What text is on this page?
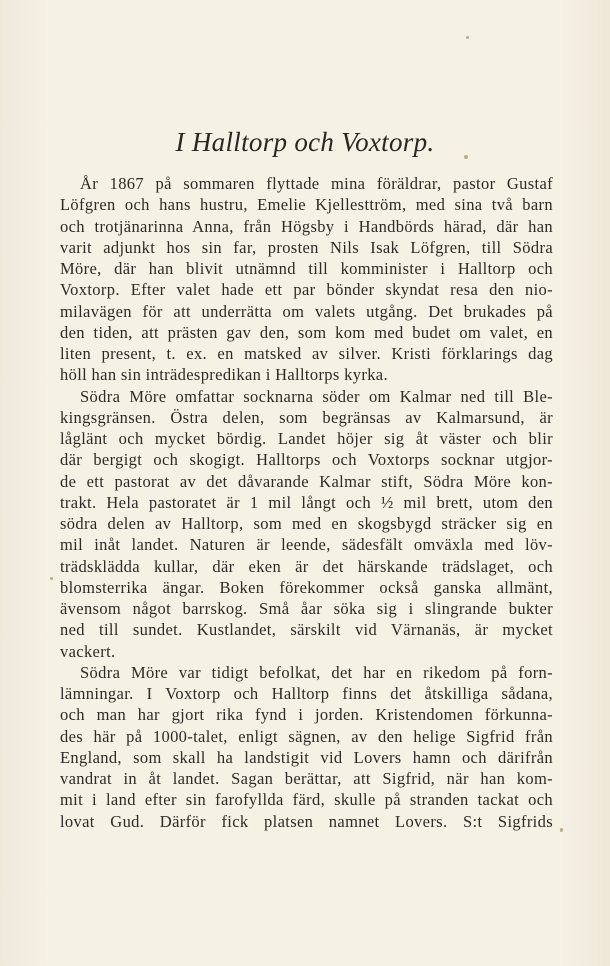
I Halltorp och Voxtorp.
År 1867 på sommaren flyttade mina föräldrar, pastor Gustaf
Löfgren och hans hustru, Emelie Kjellesttröm, med sina två barn
och trotjänarinna Anna, från Högsby i Handbörds härad, där han
varit adjunkt hos sin far, prosten Nils Isak Löfgren, till Södra
Möre, där han blivit utnämnd till komminister i Halltorp och
Voxtorp. Efter valet hade ett par bönder skyndat resa den nio-
milavägen för att underrätta om valets utgång. Det brukades på
den tiden, att prästen gav den, som kom med budet om valet, en
liten present, t. ex. en matsked av silver. Kristi förklarings dag
höll han sin inträdespredikan i Halltorps kyrka.
Södra Möre omfattar socknarna söder om Kalmar ned till Ble-
kingsgränsen. Östra delen, som begränsas av Kalmarsund, är
låglänt och mycket bördig. Landet höjer sig åt väster och blir
där bergigt och skogigt. Halltorps och Voxtorps socknar utgjor-
de ett pastorat av det dåvarande Kalmar stift, Södra Möre kon-
trakt. Hela pastoratet är 1 mil långt och ½ mil brett, utom den
södra delen av Halltorp, som med en skogsbygd sträcker sig en
mil inåt landet. Naturen är leende, sädesfält omväxla med löv-
trädsklädda kullar, där eken är det härskande trädslaget, och
blomsterrika ängar. Boken förekommer också ganska allmänt,
ävensom något barrskog. Små åar söka sig i slingrande bukter
ned till sundet. Kustlandet, särskilt vid Värnanäs, är mycket
vackert.
Södra Möre var tidigt befolkat, det har en rikedom på forn-
lämningar. I Voxtorp och Halltorp finns det åtskilliga sådana,
och man har gjort rika fynd i jorden. Kristendomen förkunna-
des här på 1000-talet, enligt sägnen, av den helige Sigfrid från
England, som skall ha landstigit vid Lovers hamn och därifrån
vandrat in åt landet. Sagan berättar, att Sigfrid, när han kom-
mit i land efter sin farofyllda färd, skulle på stranden tackat och
lovat Gud. Därför fick platsen namnet Lovers. S:t Sigfrids
